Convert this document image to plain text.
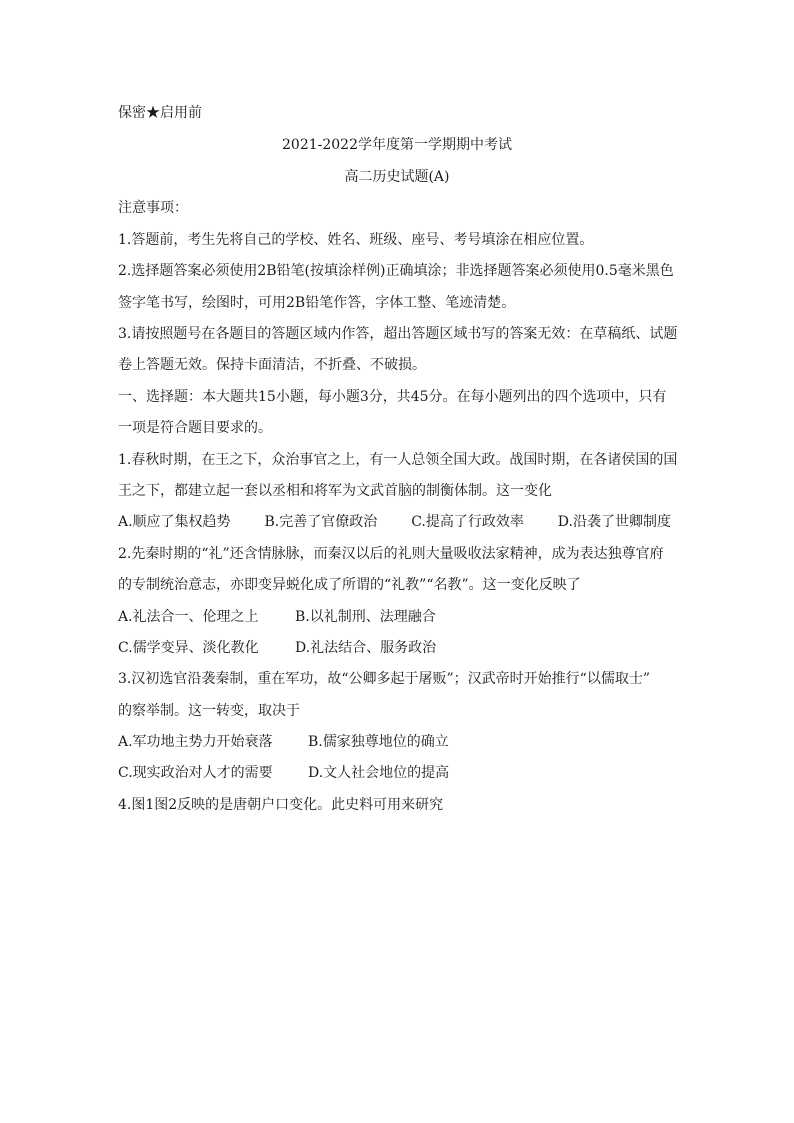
保密★启用前
2021-2022学年度第一学期期中考试
高二历史试题(A)
注意事项：
1.答题前，考生先将自己的学校、姓名、班级、座号、考号填涂在相应位置。
2.选择题答案必须使用2B铅笔(按填涂样例)正确填涂；非选择题答案必须使用0.5毫米黑色
签字笔书写，绘图时，可用2B铅笔作答，字体工整、笔迹清楚。
3.请按照题号在各题目的答题区域内作答，超出答题区域书写的答案无效：在草稿纸、试题
卷上答题无效。保持卡面清洁，不折叠、不破损。
一、选择题：本大题共15小题，每小题3分，共45分。在每小题列出的四个选项中，只有
一项是符合题目要求的。
1.春秋时期，在王之下，众治事官之上，有一人总领全国大政。战国时期，在各诸侯国的国
王之下，都建立起一套以丞相和将军为文武首脑的制衡体制。这一变化
A.顺应了集权趋势 B.完善了官僚政治 C.提高了行政效率 D.沿袭了世卿制度
2.先秦时期的“礼”还含情脉脉，而秦汉以后的礼则大量吸收法家精神，成为表达独尊官府
的专制统治意志，亦即变异蜕化成了所谓的“礼教”“名教”。这一变化反映了
A.礼法合一、伦理之上	B.以礼制刑、法理融合
C.儒学变异、淡化教化	D.礼法结合、服务政治
3.汉初选官沿袭秦制，重在军功，故“公卿多起于屠贩”；汉武帝时开始推行“以儒取士”
的察举制。这一转变，取决于
A.军功地主势力开始衰落	B.儒家独尊地位的确立
C.现实政治对人才的需要	D.文人社会地位的提高
4.图1图2反映的是唐朝户口变化。此史料可用来研究
